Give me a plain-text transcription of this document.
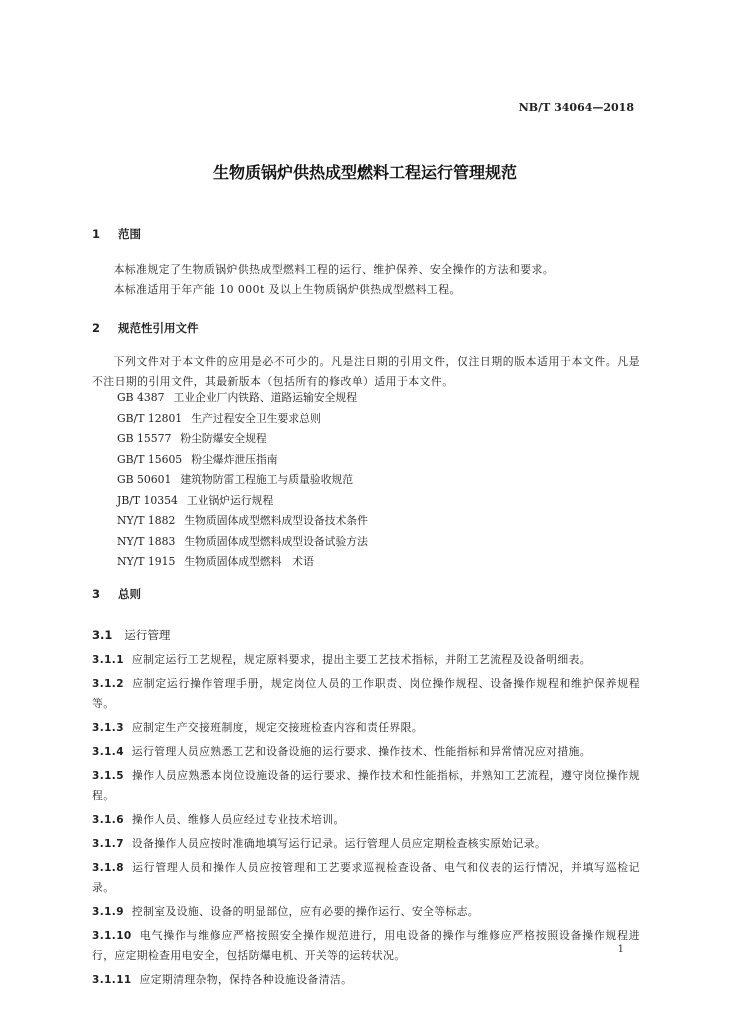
NB/T 34064—2018
生物质锅炉供热成型燃料工程运行管理规范
1 范围
本标准规定了生物质锅炉供热成型燃料工程的运行、维护保养、安全操作的方法和要求。
本标准适用于年产能 10 000t 及以上生物质锅炉供热成型燃料工程。
2 规范性引用文件
下列文件对于本文件的应用是必不可少的。凡是注日期的引用文件，仅注日期的版本适用于本文件。凡是不注日期的引用文件，其最新版本（包括所有的修改单）适用于本文件。
GB 4387 工业企业厂内铁路、道路运输安全规程
GB/T 12801 生产过程安全卫生要求总则
GB 15577 粉尘防爆安全规程
GB/T 15605 粉尘爆炸泄压指南
GB 50601 建筑物防雷工程施工与质量验收规范
JB/T 10354 工业锅炉运行规程
NY/T 1882 生物质固体成型燃料成型设备技术条件
NY/T 1883 生物质固体成型燃料成型设备试验方法
NY/T 1915 生物质固体成型燃料　术语
3 总则
3.1 运行管理
3.1.1 应制定运行工艺规程，规定原料要求，提出主要工艺技术指标，并附工艺流程及设备明细表。
3.1.2 应制定运行操作管理手册，规定岗位人员的工作职责、岗位操作规程、设备操作规程和维护保养规程等。
3.1.3 应制定生产交接班制度，规定交接班检查内容和责任界限。
3.1.4 运行管理人员应熟悉工艺和设备设施的运行要求、操作技术、性能指标和异常情况应对措施。
3.1.5 操作人员应熟悉本岗位设施设备的运行要求、操作技术和性能指标，并熟知工艺流程，遵守岗位操作规程。
3.1.6 操作人员、维修人员应经过专业技术培训。
3.1.7 设备操作人员应按时准确地填写运行记录。运行管理人员应定期检查核实原始记录。
3.1.8 运行管理人员和操作人员应按管理和工艺要求巡视检查设备、电气和仪表的运行情况，并填写巡检记录。
3.1.9 控制室及设施、设备的明显部位，应有必要的操作运行、安全等标志。
3.1.10 电气操作与维修应严格按照安全操作规范进行，用电设备的操作与维修应严格按照设备操作规程进行，应定期检查用电安全，包括防爆电机、开关等的运转状况。
3.1.11 应定期清理杂物，保持各种设施设备清洁。
1
